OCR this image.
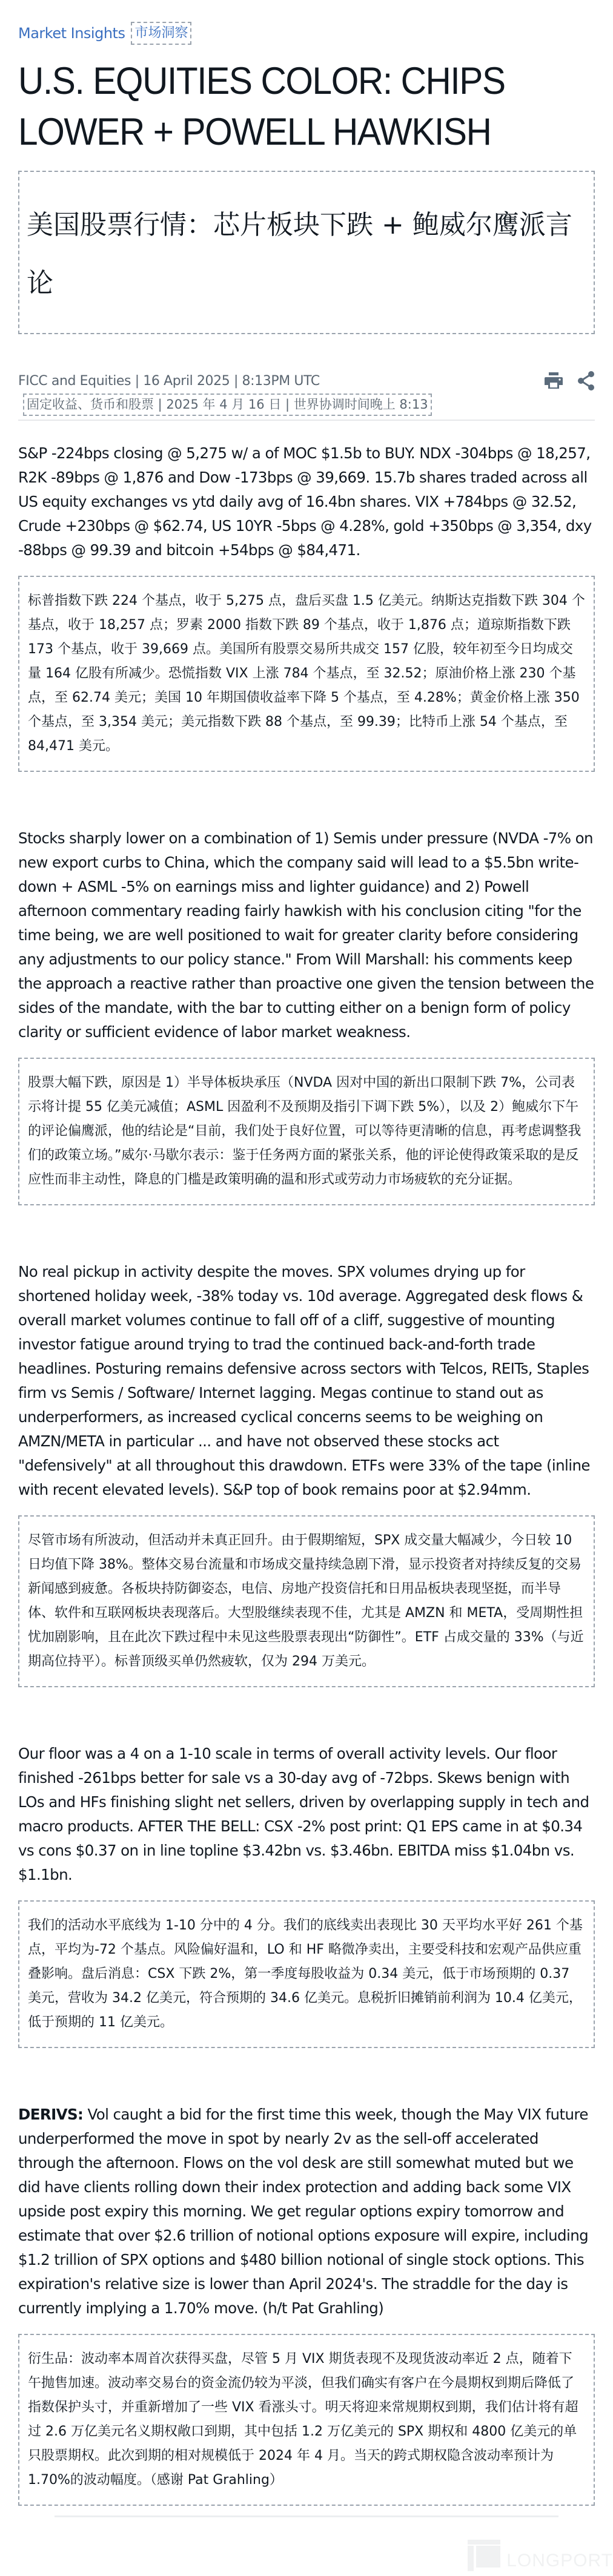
Market Insights 市场洞察
U.S. EQUITIES COLOR: CHIPS LOWER + POWELL HAWKISH
美国股票行情：芯片板块下跌 + 鲍威尔鹰派言论
FICC and Equities | 16 April 2025 | 8:13PM UTC
固定收益、货币和股票 | 2025 年 4 月 16 日 | 世界协调时间晚上 8:13

S&P -224bps closing @ 5,275 w/ a of MOC $1.5b to BUY. NDX -304bps @ 18,257, R2K -89bps @ 1,876 and Dow -173bps @ 39,669. 15.7b shares traded across all US equity exchanges vs ytd daily avg of 16.4bn shares. VIX +784bps @ 32.52, Crude +230bps @ $62.74, US 10YR -5bps @ 4.28%, gold +350bps @ 3,354, dxy -88bps @ 99.39 and bitcoin +54bps @ $84,471.

标普指数下跌 224 个基点，收于 5,275 点，盘后买盘 1.5 亿美元。纳斯达克指数下跌 304 个基点，收于 18,257 点；罗素 2000 指数下跌 89 个基点，收于 1,876 点；道琼斯指数下跌 173 个基点，收于 39,669 点。美国所有股票交易所共成交 157 亿股，较年初至今日均成交量 164 亿股有所减少。恐慌指数 VIX 上涨 784 个基点，至 32.52；原油价格上涨 230 个基点，至 62.74 美元；美国 10 年期国债收益率下降 5 个基点，至 4.28%；黄金价格上涨 350 个基点，至 3,354 美元；美元指数下跌 88 个基点，至 99.39；比特币上涨 54 个基点，至 84,471 美元。

Stocks sharply lower on a combination of 1) Semis under pressure (NVDA -7% on new export curbs to China, which the company said will lead to a $5.5bn write-down + ASML -5% on earnings miss and lighter guidance) and 2) Powell afternoon commentary reading fairly hawkish with his conclusion citing "for the time being, we are well positioned to wait for greater clarity before considering any adjustments to our policy stance." From Will Marshall: his comments keep the approach a reactive rather than proactive one given the tension between the sides of the mandate, with the bar to cutting either on a benign form of policy clarity or sufficient evidence of labor market weakness.

股票大幅下跌，原因是 1）半导体板块承压（NVDA 因对中国的新出口限制下跌 7%，公司表示将计提 55 亿美元减值；ASML 因盈利不及预期及指引下调下跌 5%），以及 2）鲍威尔下午的评论偏鹰派，他的结论是“目前，我们处于良好位置，可以等待更清晰的信息，再考虑调整我们的政策立场。”威尔·马歇尔表示：鉴于任务两方面的紧张关系，他的评论使得政策采取的是反应性而非主动性，降息的门槛是政策明确的温和形式或劳动力市场疲软的充分证据。

No real pickup in activity despite the moves. SPX volumes drying up for shortened holiday week, -38% today vs. 10d average. Aggregated desk flows & overall market volumes continue to fall off of a cliff, suggestive of mounting investor fatigue around trying to trad the continued back-and-forth trade headlines. Posturing remains defensive across sectors with Telcos, REITs, Staples firm vs Semis / Software/ Internet lagging. Megas continue to stand out as underperformers, as increased cyclical concerns seems to be weighing on AMZN/META in particular ... and have not observed these stocks act "defensively" at all throughout this drawdown. ETFs were 33% of the tape (inline with recent elevated levels). S&P top of book remains poor at $2.94mm.

尽管市场有所波动，但活动并未真正回升。由于假期缩短，SPX 成交量大幅减少，今日较 10 日均值下降 38%。整体交易台流量和市场成交量持续急剧下滑，显示投资者对持续反复的交易新闻感到疲惫。各板块持防御姿态，电信、房地产投资信托和日用品板块表现坚挺，而半导体、软件和互联网板块表现落后。大型股继续表现不佳，尤其是 AMZN 和 META，受周期性担忧加剧影响，且在此次下跌过程中未见这些股票表现出“防御性”。ETF 占成交量的 33%（与近期高位持平）。标普顶级买单仍然疲软，仅为 294 万美元。

Our floor was a 4 on a 1-10 scale in terms of overall activity levels. Our floor finished -261bps better for sale vs a 30-day avg of -72bps. Skews benign with LOs and HFs finishing slight net sellers, driven by overlapping supply in tech and macro products. AFTER THE BELL: CSX -2% post print: Q1 EPS came in at $0.34 vs cons $0.37 on in line topline $3.42bn vs. $3.46bn. EBITDA miss $1.04bn vs. $1.1bn.

我们的活动水平底线为 1-10 分中的 4 分。我们的底线卖出表现比 30 天平均水平好 261 个基点，平均为-72 个基点。风险偏好温和，LO 和 HF 略微净卖出，主要受科技和宏观产品供应重叠影响。盘后消息：CSX 下跌 2%，第一季度每股收益为 0.34 美元，低于市场预期的 0.37 美元，营收为 34.2 亿美元，符合预期的 34.6 亿美元。息税折旧摊销前利润为 10.4 亿美元，低于预期的 11 亿美元。

DERIVS: Vol caught a bid for the first time this week, though the May VIX future underperformed the move in spot by nearly 2v as the sell-off accelerated through the afternoon. Flows on the vol desk are still somewhat muted but we did have clients rolling down their index protection and adding back some VIX upside post expiry this morning. We get regular options expiry tomorrow and estimate that over $2.6 trillion of notional options exposure will expire, including $1.2 trillion of SPX options and $480 billion notional of single stock options. This expiration's relative size is lower than April 2024's. The straddle for the day is currently implying a 1.70% move. (h/t Pat Grahling)

衍生品：波动率本周首次获得买盘，尽管 5 月 VIX 期货表现不及现货波动率近 2 点，随着下午抛售加速。波动率交易台的资金流仍较为平淡，但我们确实有客户在今晨期权到期后降低了指数保护头寸，并重新增加了一些 VIX 看涨头寸。明天将迎来常规期权到期，我们估计将有超过 2.6 万亿美元名义期权敞口到期，其中包括 1.2 万亿美元的 SPX 期权和 4800 亿美元的单只股票期权。此次到期的相对规模低于 2024 年 4 月。当天的跨式期权隐含波动率预计为 1.70%的波动幅度。（感谢 Pat Grahling）
LONGPORT
